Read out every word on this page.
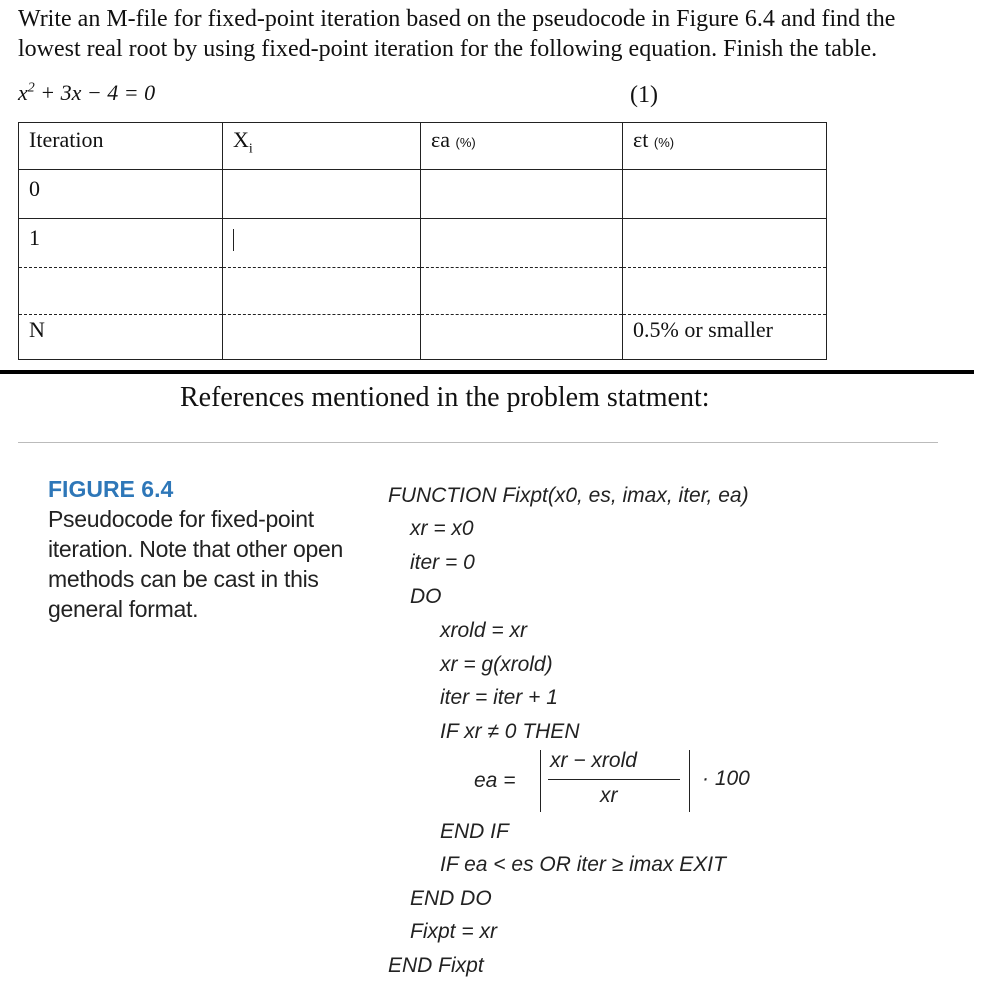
Write an M-file for fixed-point iteration based on the pseudocode in Figure 6.4 and find the
lowest real root by using fixed-point iteration for the following equation. Finish the table.
$x^2 + 3x - 4 = 0$	(1)
Iteration	$X_i$	εa (%)	εt (%)
0			
1			

N			0.5% or smaller
References mentioned in the problem statment:
FIGURE 6.4
Pseudocode for fixed-point iteration. Note that other open methods can be cast in this general format.
FUNCTION Fixpt(x0, es, imax, iter, ea)
xr = x0
iter = 0
DO
xrold = xr
xr = g(xrold)
iter = iter + 1
IF xr ≠ 0 THEN
ea =
xr − xrold
xr
· 100
END IF
IF ea < es OR iter ≥ imax EXIT
END DO
Fixpt = xr
END Fixpt
